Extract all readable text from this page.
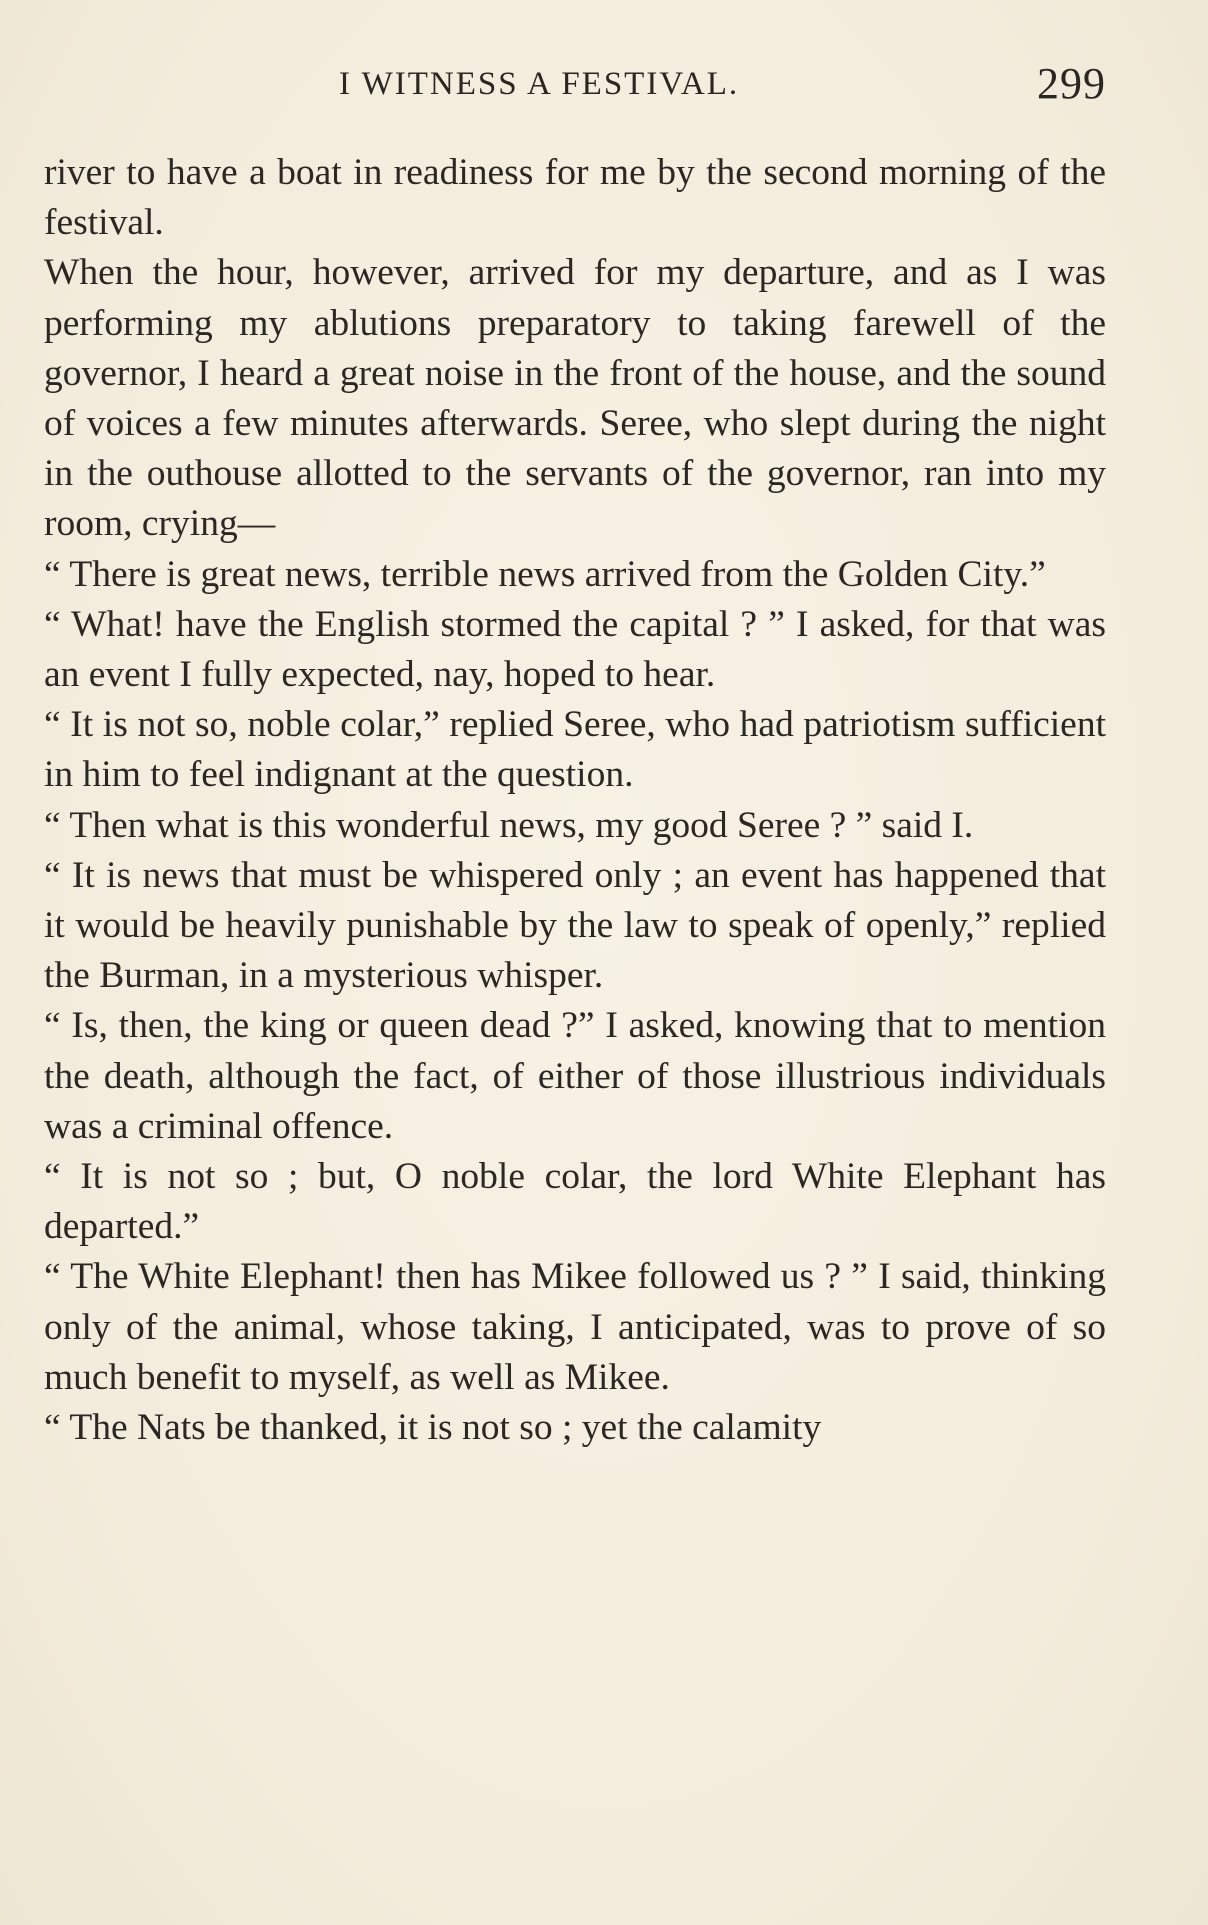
I WITNESS A FESTIVAL.	299

river to have a boat in readiness for me by the second morning of the festival.

When the hour, however, arrived for my departure, and as I was performing my ablutions preparatory to taking farewell of the governor, I heard a great noise in the front of the house, and the sound of voices a few minutes afterwards. Seree, who slept during the night in the outhouse allotted to the servants of the governor, ran into my room, crying—

“ There is great news, terrible news arrived from the Golden City.”

“ What! have the English stormed the capital ? ” I asked, for that was an event I fully expected, nay, hoped to hear.

“ It is not so, noble colar,” replied Seree, who had patriotism sufficient in him to feel indignant at the question.

“ Then what is this wonderful news, my good Seree ? ” said I.

“ It is news that must be whispered only ; an event has happened that it would be heavily punishable by the law to speak of openly,” replied the Burman, in a mysterious whisper.

“ Is, then, the king or queen dead ?” I asked, knowing that to mention the death, although the fact, of either of those illustrious individuals was a criminal offence.

“ It is not so ; but, O noble colar, the lord White Elephant has departed.”

“ The White Elephant! then has Mikee followed us ? ” I said, thinking only of the animal, whose taking, I anticipated, was to prove of so much benefit to myself, as well as Mikee.

“ The Nats be thanked, it is not so ; yet the calamity
